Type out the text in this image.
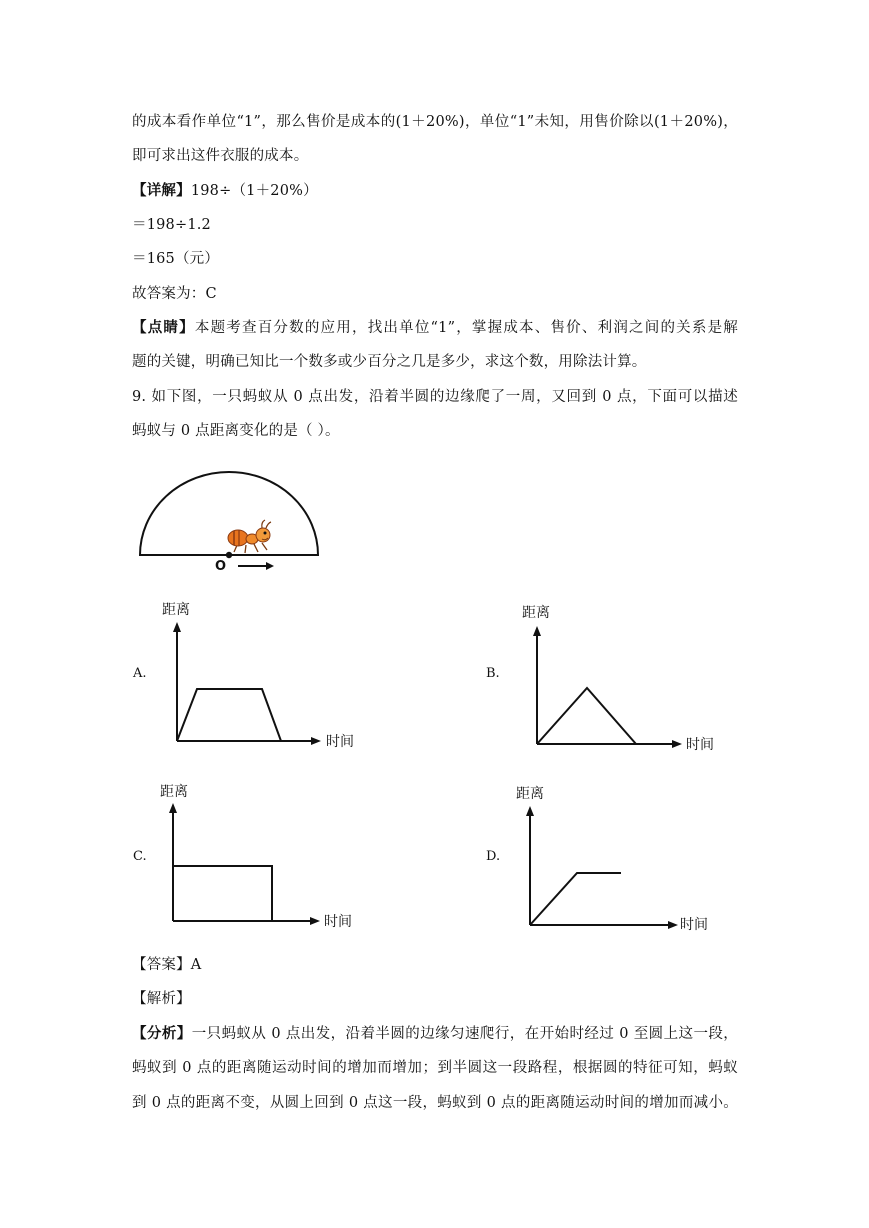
的成本看作单位“1”，那么售价是成本的(1＋20%)，单位“1”未知，用售价除以(1＋20%)，
即可求出这件衣服的成本。
【详解】198÷（1＋20%）
＝198÷1.2
＝165（元）
故答案为：C
【点睛】本题考查百分数的应用，找出单位“1”，掌握成本、售价、利润之间的关系是解
题的关键，明确已知比一个数多或少百分之几是多少，求这个数，用除法计算。
9. 如下图，一只蚂蚁从 0 点出发，沿着半圆的边缘爬了一周，又回到 0 点，下面可以描述
蚂蚁与 0 点距离变化的是（ ）。
O
A.	B.
C.	D.
距离
时间
距离
时间
距离
时间
距离
时间
【答案】A
【解析】
【分析】一只蚂蚁从 0 点出发，沿着半圆的边缘匀速爬行，在开始时经过 0 至圆上这一段，
蚂蚁到 0 点的距离随运动时间的增加而增加；到半圆这一段路程，根据圆的特征可知，蚂蚁
到 0 点的距离不变，从圆上回到 0 点这一段，蚂蚁到 0 点的距离随运动时间的增加而减小。
